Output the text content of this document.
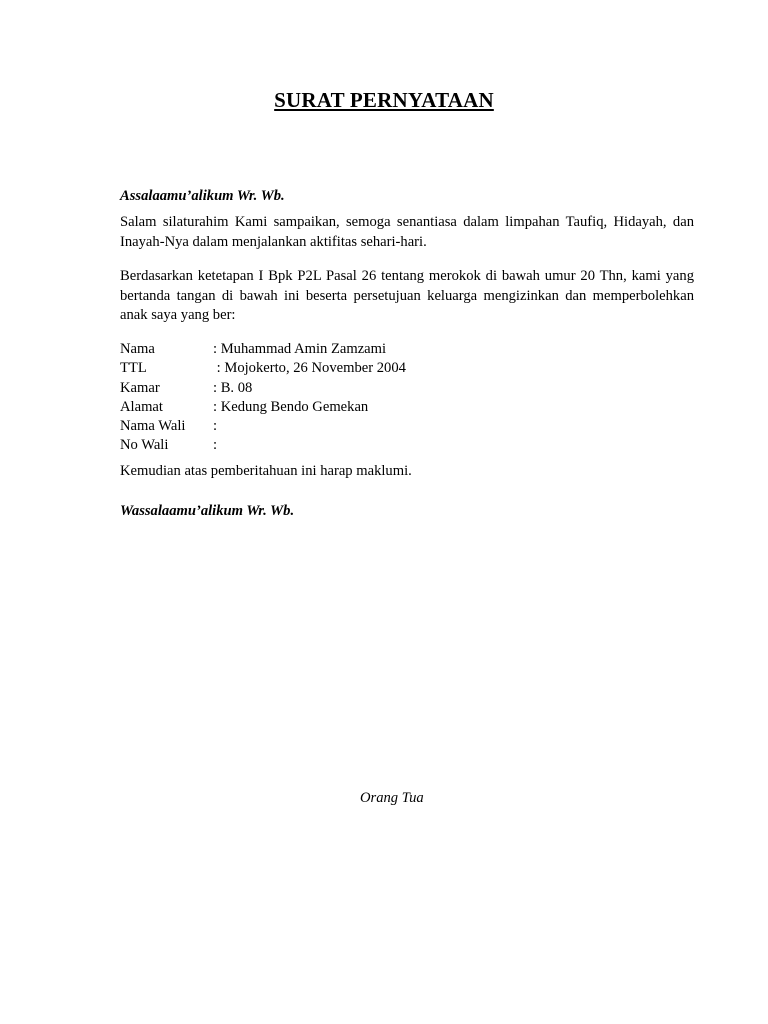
SURAT PERNYATAAN
Assalaamu’alikum Wr. Wb.
Salam silaturahim Kami sampaikan, semoga senantiasa dalam limpahan Taufiq, Hidayah, dan Inayah-Nya dalam menjalankan aktifitas sehari-hari.
Berdasarkan ketetapan I Bpk P2L Pasal 26 tentang merokok di bawah umur 20 Thn, kami yang bertanda tangan di bawah ini beserta persetujuan keluarga mengizinkan dan memperbolehkan anak saya yang ber:
Nama	: Muhammad Amin Zamzami
TTL	: Mojokerto, 26 November 2004
Kamar	: B. 08
Alamat	: Kedung Bendo Gemekan
Nama Wali	:
No Wali	:
Kemudian atas pemberitahuan ini harap maklumi.
Wassalaamu’alikum Wr. Wb.
Orang Tua
